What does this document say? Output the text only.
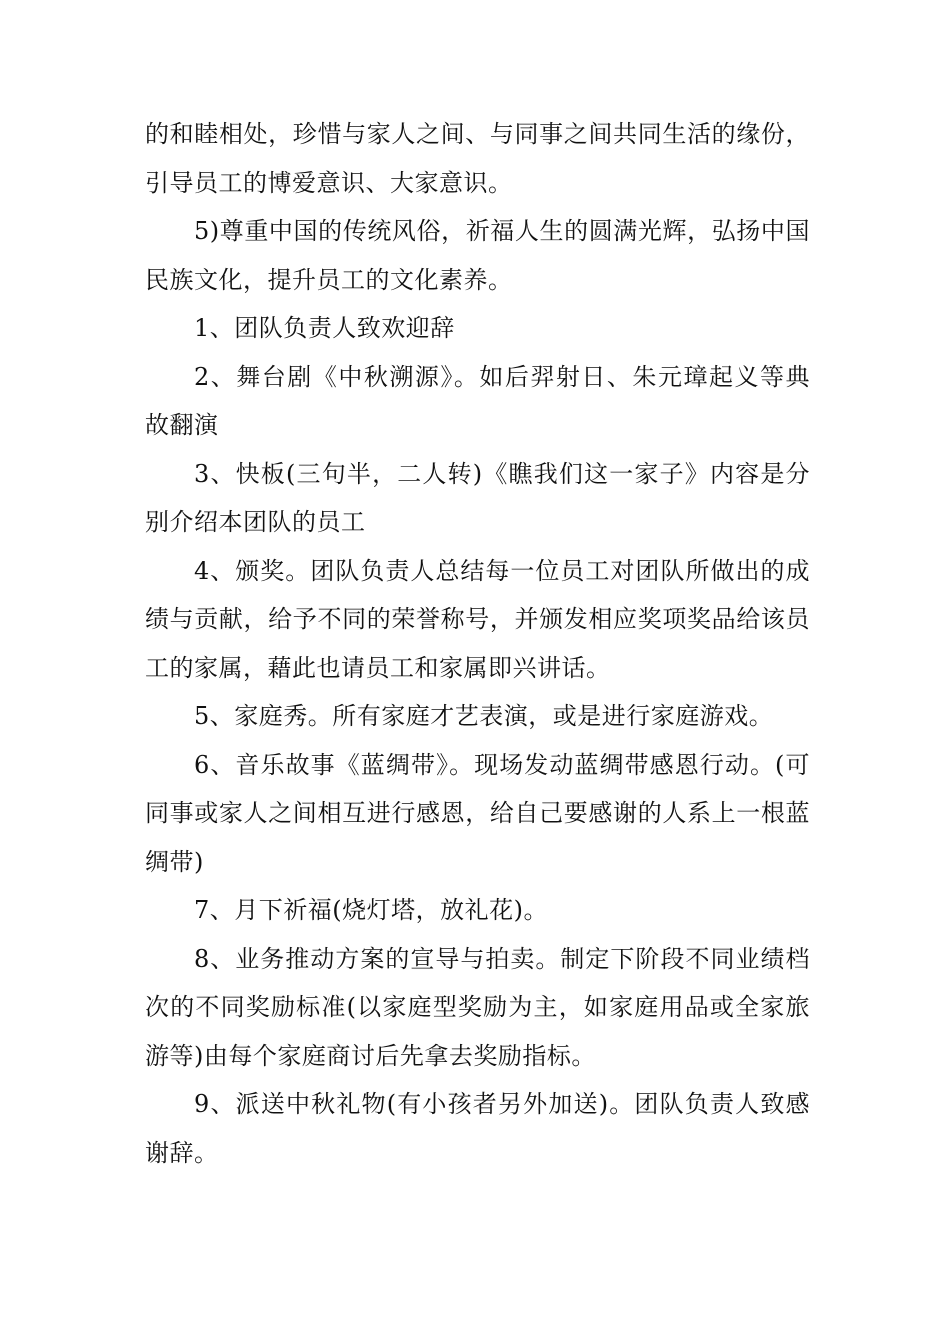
的和睦相处，珍惜与家人之间、与同事之间共同生活的缘份，引导员工的博爱意识、大家意识。

5)尊重中国的传统风俗，祈福人生的圆满光辉，弘扬中国民族文化，提升员工的文化素养。

1、团队负责人致欢迎辞

2、舞台剧《中秋溯源》。如后羿射日、朱元璋起义等典故翻演

3、快板(三句半，二人转)《瞧我们这一家子》内容是分别介绍本团队的员工

4、颁奖。团队负责人总结每一位员工对团队所做出的成绩与贡献，给予不同的荣誉称号，并颁发相应奖项奖品给该员工的家属，藉此也请员工和家属即兴讲话。

5、家庭秀。所有家庭才艺表演，或是进行家庭游戏。

6、音乐故事《蓝绸带》。现场发动蓝绸带感恩行动。(可同事或家人之间相互进行感恩，给自己要感谢的人系上一根蓝绸带)

7、月下祈福(烧灯塔，放礼花)。

8、业务推动方案的宣导与拍卖。制定下阶段不同业绩档次的不同奖励标准(以家庭型奖励为主，如家庭用品或全家旅游等)由每个家庭商讨后先拿去奖励指标。

9、派送中秋礼物(有小孩者另外加送)。团队负责人致感谢辞。
